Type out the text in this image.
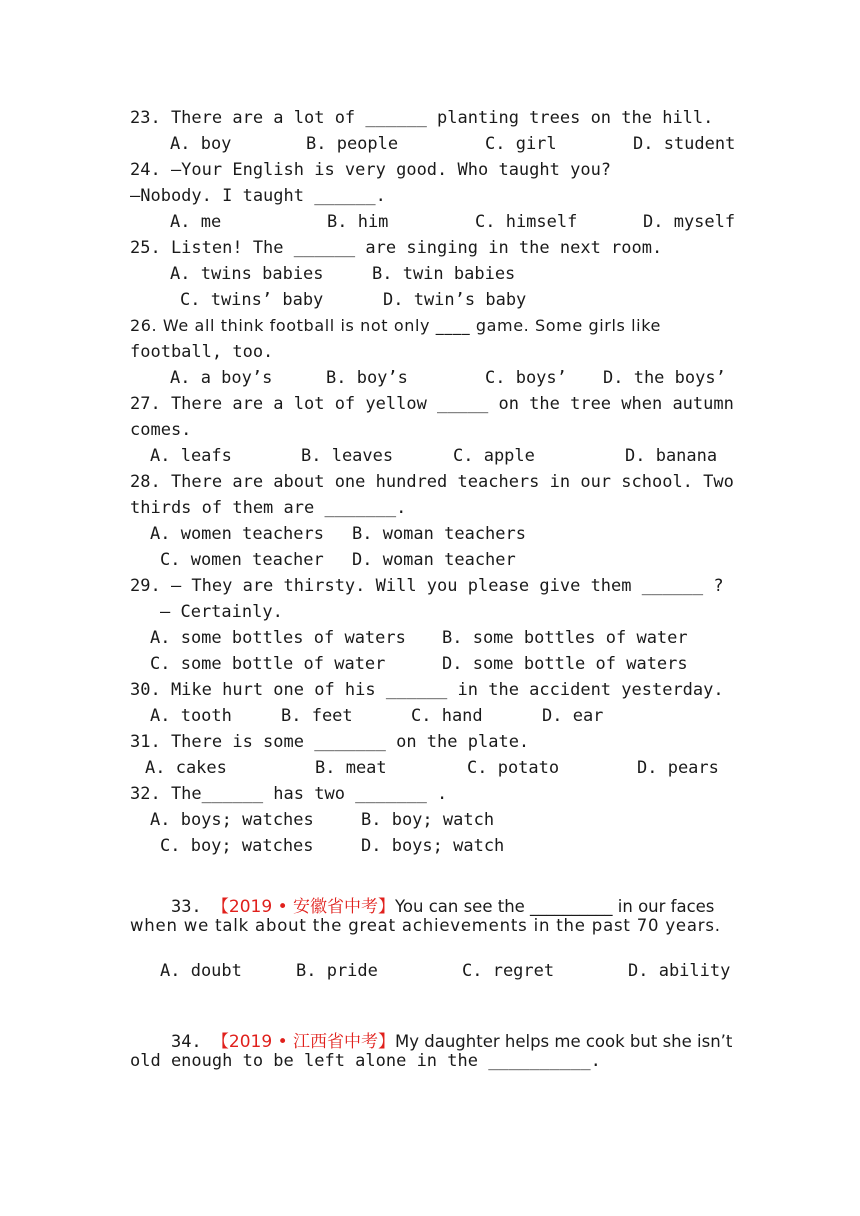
23. There are a lot of ______ planting trees on the hill.
A. boy	B. people	C. girl	D. student
24. —Your English is very good. Who taught you?
—Nobody. I taught ______.
A. me	B. him	C. himself	D. myself
25. Listen! The ______ are singing in the next room.
A. twins babies	B. twin babies
C. twins’ baby	D. twin’s baby
26. We all think football is not only ____ game. Some girls like
football, too.
A. a boy’s	B. boy’s	C. boys’ D. the boys’
27. There are a lot of yellow _____ on the tree when autumn
comes.
A. leafs	B. leaves	C. apple	D. banana
28. There are about one hundred teachers in our school. Two
thirds of them are _______.
A. women teachers B. woman teachers
C. women teacher D. woman teacher
29. — They are thirsty. Will you please give them ______ ?
— Certainly.
A. some bottles of waters B. some bottles of water
C. some bottle of water	D. some bottle of waters
30. Mike hurt one of his ______ in the accident yesterday.
A. tooth	B. feet	C. hand	D. ear
31. There is some _______ on the plate.
A. cakes	B. meat	C. potato	D. pears
32. The______ has two _______ .
A. boys; watches	B. boy; watch
C. boy; watches	D. boys; watch

33. 【2019 • 安徽省中考】You can see the __________ in our faces

when we talk about the great achievements in the past 70 years.
A. doubt	B. pride	C. regret	D. ability

34. 【2019 • 江西省中考】My daughter helps me cook but she isn’t

old enough to be left alone in the __________.
